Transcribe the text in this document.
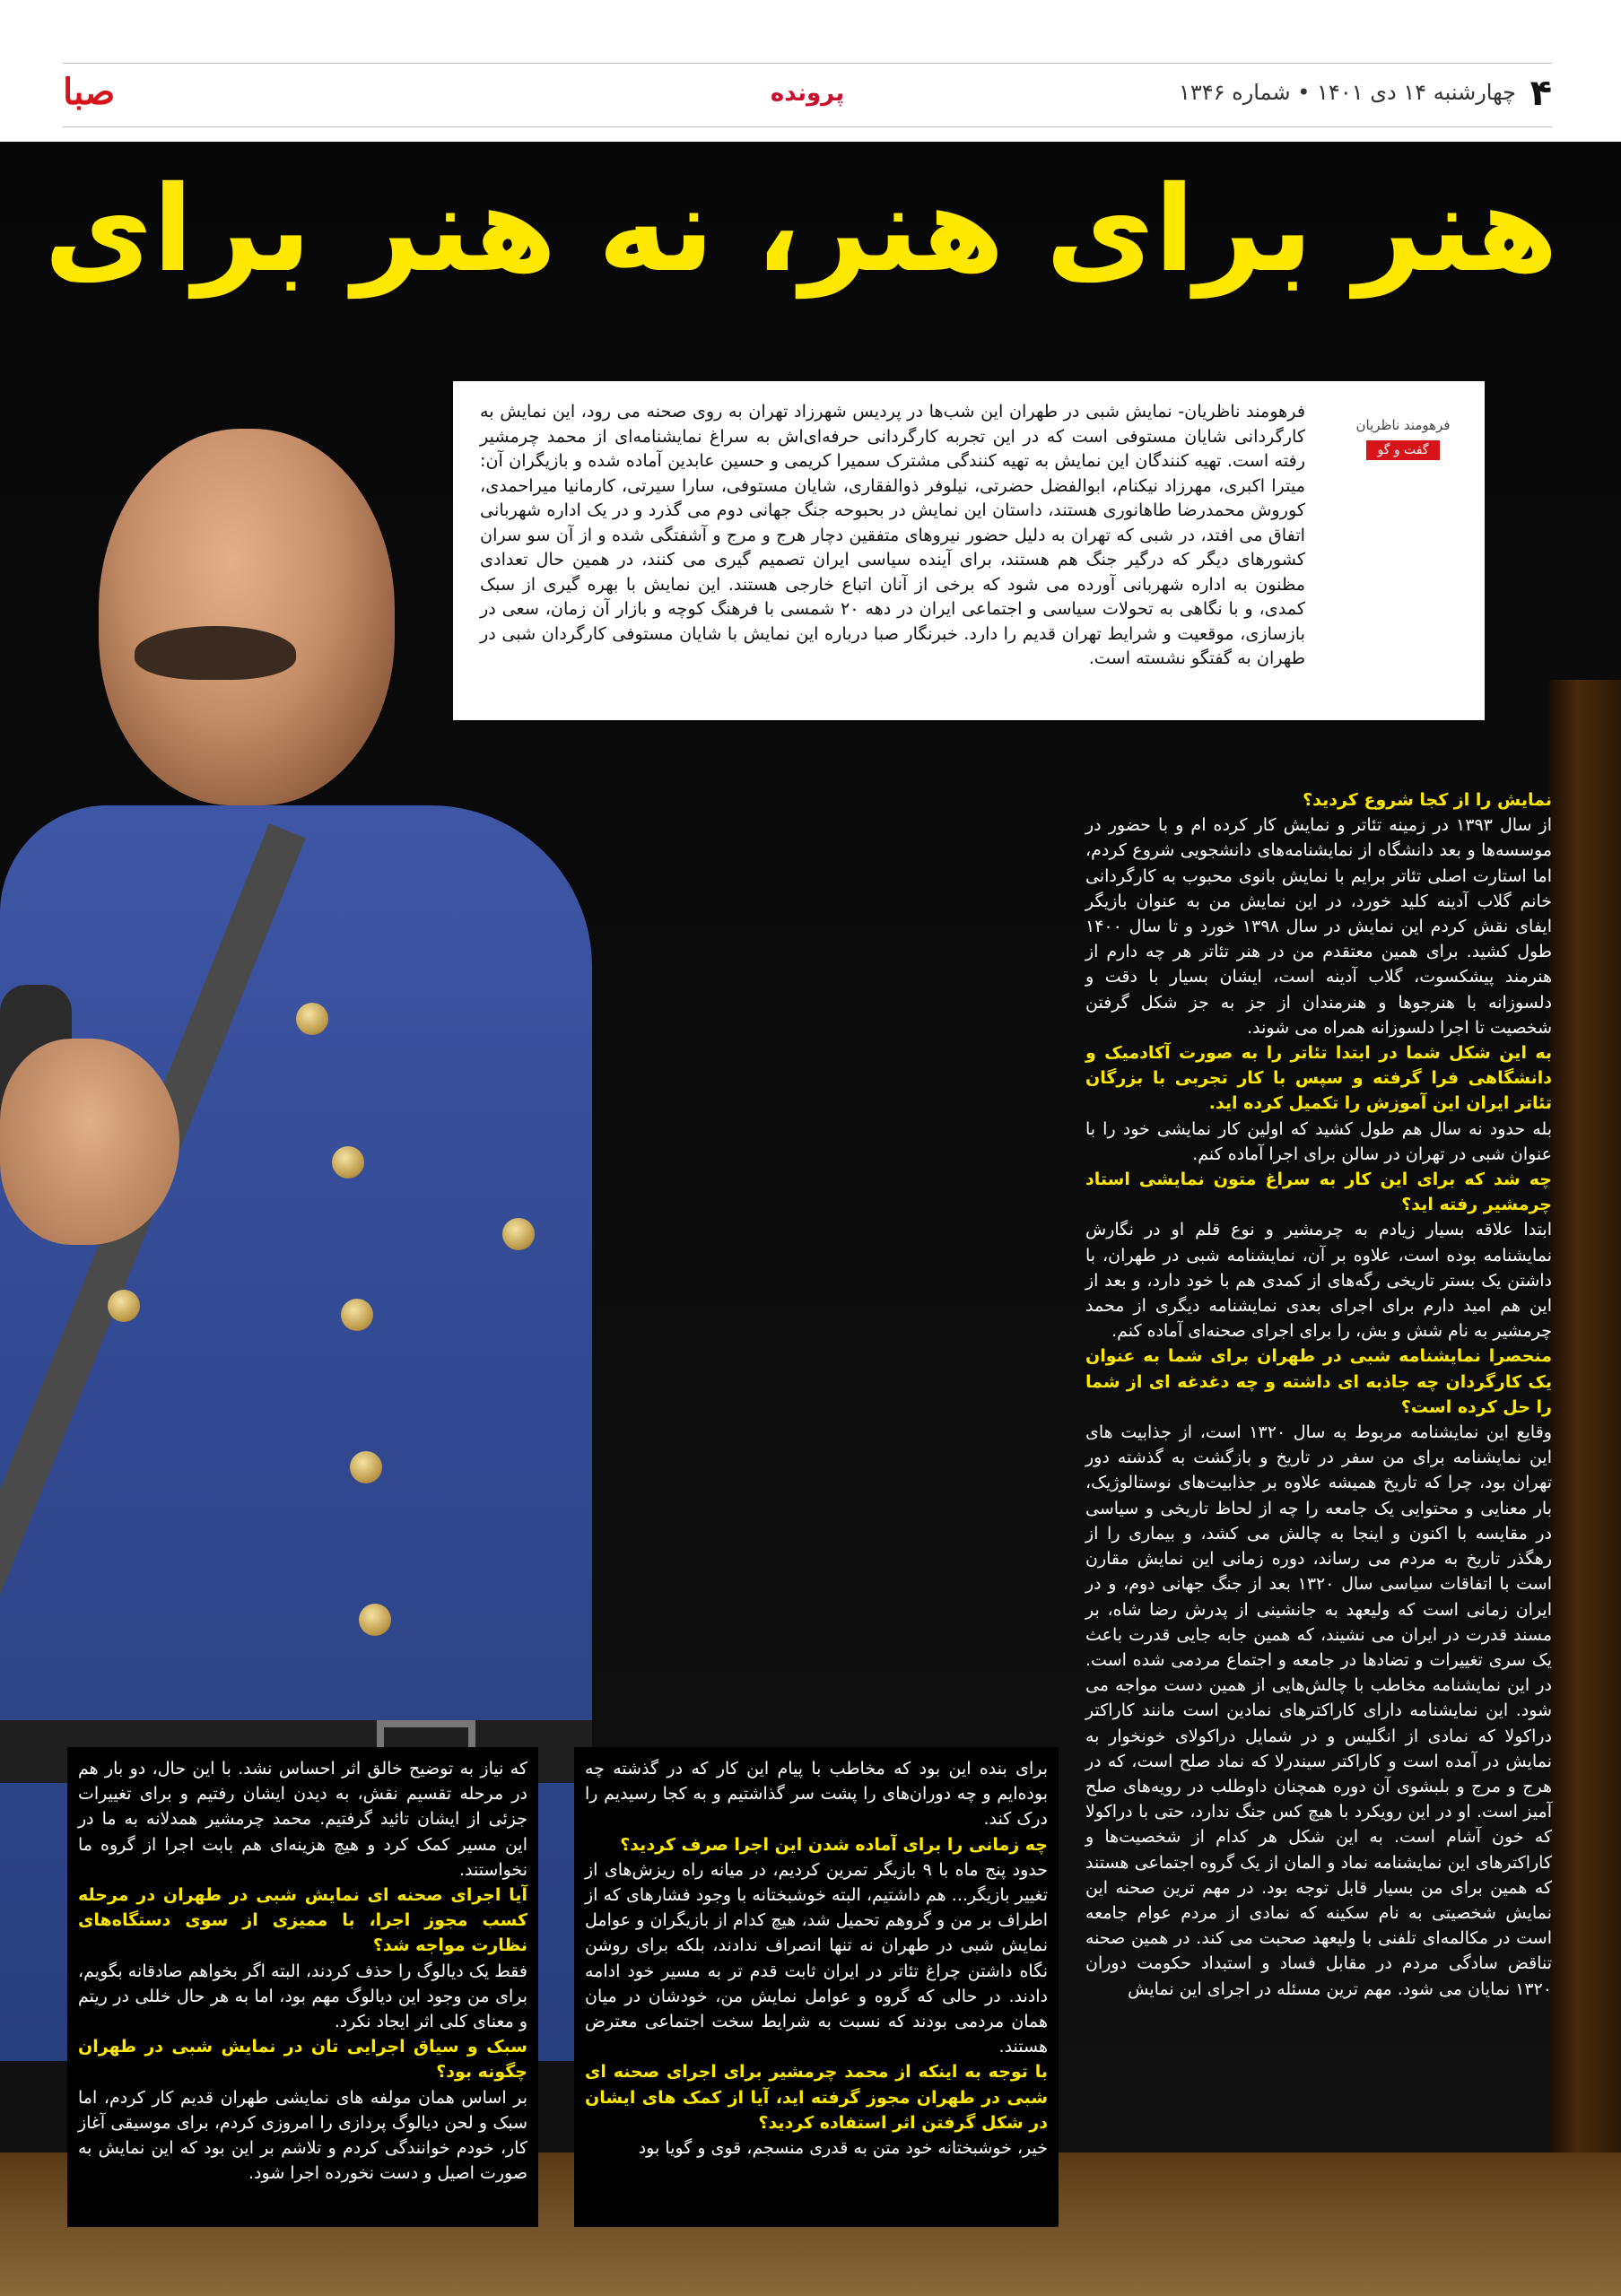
۴
چهارشنبه ۱۴ دی ۱۴۰۱ • شماره ۱۳۴۶
پرونده
صبا
هنر برای هنر، نه هنر برای
فرهومند ناظریان
گفت و گو
فرهومند ناظریان- نمایش شبی در طهران این شب‌ها در پردیس شهرزاد تهران به روی صحنه می رود، این نمایش به کارگردانی شایان مستوفی است که در این تجربه کارگردانی حرفه‌ای‌اش به سراغ نمایشنامه‌ای از محمد چرمشیر رفته است. تهیه کنندگان این نمایش به تهیه کنندگی مشترک سمیرا کریمی و حسین عابدین آماده شده و بازیگران آن: میترا اکبری، مهرزاد نیکنام، ابوالفضل حضرتی، نیلوفر ذوالفقاری، شایان مستوفی، سارا سیرتی، کارمانیا میراحمدی، کوروش محمدرضا طاهانوری هستند، داستان این نمایش در بحبوحه جنگ جهانی دوم می گذرد و در یک اداره شهربانی اتفاق می افتد، در شبی که تهران به دلیل حضور نیروهای متفقین دچار هرج و مرج و آشفتگی شده و از آن سو سران کشورهای دیگر که درگیر جنگ هم هستند، برای آینده سیاسی ایران تصمیم گیری می کنند، در همین حال تعدادی مظنون به اداره شهربانی آورده می شود که برخی از آنان اتباع خارجی هستند. این نمایش با بهره گیری از سبک کمدی، و با نگاهی به تحولات سیاسی و اجتماعی ایران در دهه ۲۰ شمسی با فرهنگ کوچه و بازار آن زمان، سعی در بازسازی، موقعیت و شرایط تهران قدیم را دارد. خبرنگار صبا درباره این نمایش با شایان مستوفی کارگردان شبی در طهران به گفتگو نشسته است.

نمایش را از کجا شروع کردید؟

از سال ۱۳۹۳ در زمینه تئاتر و نمایش کار کرده ام و با حضور در موسسه‌ها و بعد دانشگاه از نمایشنامه‌های دانشجویی شروع کردم، اما استارت اصلی تئاتر برایم با نمایش بانوی محبوب به کارگردانی خانم گلاب آدینه کلید خورد، در این نمایش من به عنوان بازیگر ایفای نقش کردم این نمایش در سال ۱۳۹۸ خورد و تا سال ۱۴۰۰ طول کشید. برای همین معتقدم من در هنر تئاتر هر چه دارم از هنرمند پیشکسوت، گلاب آدینه است، ایشان بسیار با دقت و دلسوزانه با هنرجوها و هنرمندان از جز به جز شکل گرفتن شخصیت تا اجرا دلسوزانه همراه می شوند.

به این شکل شما در ابتدا تئاتر را به صورت آکادمیک و دانشگاهی فرا گرفته و سپس با کار تجربی با بزرگان تئاتر ایران این آموزش را تکمیل کرده اید.

بله حدود نه سال هم طول کشید که اولین کار نمایشی خود را با عنوان شبی در تهران در سالن برای اجرا آماده کنم.

چه شد که برای این کار به سراغ متون نمایشی استاد چرمشیر رفته اید؟

ابتدا علاقه بسیار زیادم به چرمشیر و نوع قلم او در نگارش نمایشنامه بوده است، علاوه بر آن، نمایشنامه شبی در طهران، با داشتن یک بستر تاریخی رگه‌های از کمدی هم با خود دارد، و بعد از این هم امید دارم برای اجرای بعدی نمایشنامه دیگری از محمد چرمشیر به نام شش و بش، را برای اجرای صحنه‌ای آماده کنم.

منحصرا نمایشنامه شبی در طهران برای شما به عنوان یک کارگردان چه جاذبه ای داشته و چه دغدغه ای از شما را حل کرده است؟

وقایع این نمایشنامه مربوط به سال ۱۳۲۰ است، از جذابیت های این نمایشنامه برای من سفر در تاریخ و بازگشت به گذشته دور تهران بود، چرا که تاریخ همیشه علاوه بر جذابیت‌های نوستالوژیک، بار معنایی و محتوایی یک جامعه را چه از لحاظ تاریخی و سیاسی در مقایسه با اکنون و اینجا به چالش می کشد، و بیماری را از رهگذر تاریخ به مردم می رساند، دوره زمانی این نمایش مقارن است با اتفاقات سیاسی سال ۱۳۲۰ بعد از جنگ جهانی دوم، و در ایران زمانی است که ولیعهد به جانشینی از پدرش رضا شاه، بر مسند قدرت در ایران می نشیند، که همین جابه جایی قدرت باعث یک سری تغییرات و تضادها در جامعه و اجتماع مردمی شده است. در این نمایشنامه مخاطب با چالش‌هایی از همین دست مواجه می شود. این نمایشنامه دارای کاراکترهای نمادین است مانند کاراکتر دراکولا که نمادی از انگلیس و در شمایل دراکولای خونخوار به نمایش در آمده است و کاراکتر سیندرلا که نماد صلح است، که در هرج و مرج و بلبشوی آن دوره همچنان داوطلب در رویه‌های صلح آمیز است. او در این رویکرد با هیچ کس جنگ ندارد، حتی با دراکولا که خون آشام است. به این شکل هر کدام از شخصیت‌ها و کاراکترهای این نمایشنامه نماد و المان از یک گروه اجتماعی هستند که همین برای من بسیار قابل توجه بود. در مهم ترین صحنه این نمایش شخصیتی به نام سکینه که نمادی از مردم عوام جامعه است در مکالمه‌ای تلفنی با ولیعهد صحبت می کند. در همین صحنه تناقض سادگی مردم در مقابل فساد و استبداد حکومت دوران ۱۳۲۰ نمایان می شود. مهم ترین مسئله در اجرای این نمایش

برای بنده این بود که مخاطب با پیام این کار که در گذشته چه بوده‌ایم و چه دوران‌های را پشت سر گذاشتیم و به کجا رسیدیم را درک کند.

چه زمانی را برای آماده شدن این اجرا صرف کردید؟

حدود پنج ماه با ۹ بازیگر تمرین کردیم، در میانه راه ریزش‌های از تغییر بازیگر... هم داشتیم، البته خوشبختانه با وجود فشارهای که از اطراف بر من و گروهم تحمیل شد، هیچ کدام از بازیگران و عوامل نمایش شبی در طهران نه تنها انصراف ندادند، بلکه برای روشن نگاه داشتن چراغ تئاتر در ایران ثابت قدم تر به مسیر خود ادامه دادند. در حالی که گروه و عوامل نمایش من، خودشان در میان همان مردمی بودند که نسبت به شرایط سخت اجتماعی معترض هستند.

با توجه به اینکه از محمد چرمشیر برای اجرای صحنه ای شبی در طهران مجوز گرفته اید، آیا از کمک های ایشان در شکل گرفتن اثر استفاده کردید؟

خیر، خوشبختانه خود متن به قدری منسجم، قوی و گویا بود

که نیاز به توضیح خالق اثر احساس نشد. با این حال، دو بار هم در مرحله تقسیم نقش، به دیدن ایشان رفتیم و برای تغییرات جزئی از ایشان تائید گرفتیم. محمد چرمشیر همدلانه به ما در این مسیر کمک کرد و هیچ هزینه‌ای هم بابت اجرا از گروه ما نخواستند.

آیا اجرای صحنه ای نمایش شبی در طهران در مرحله کسب مجوز اجرا، با ممیزی از سوی دستگاه‌های نظارت مواجه شد؟

فقط یک دیالوگ را حذف کردند، البته اگر بخواهم صادقانه بگویم، برای من وجود این دیالوگ مهم بود، اما به هر حال خللی در ریتم و معنای کلی اثر ایجاد نکرد.

سبک و سیاق اجرایی تان در نمایش شبی در طهران چگونه بود؟

بر اساس همان مولفه های نمایشی طهران قدیم کار کردم، اما سبک و لحن دیالوگ پردازی را امروزی کردم، برای موسیقی آغاز کار، خودم خوانندگی کردم و تلاشم بر این بود که این نمایش به صورت اصیل و دست نخورده اجرا شود.
